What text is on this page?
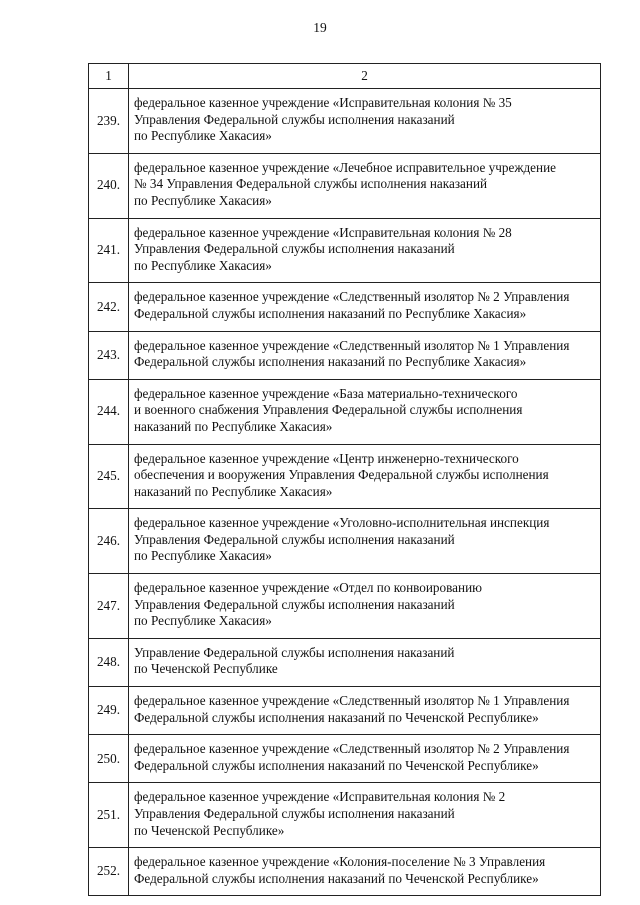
19
1	2
239.	федеральное казенное учреждение «Исправительная колония № 35
Управления Федеральной службы исполнения наказаний
по Республике Хакасия»
240.	федеральное казенное учреждение «Лечебное исправительное учреждение
№ 34 Управления Федеральной службы исполнения наказаний
по Республике Хакасия»
241.	федеральное казенное учреждение «Исправительная колония № 28
Управления Федеральной службы исполнения наказаний
по Республике Хакасия»
242.	федеральное казенное учреждение «Следственный изолятор № 2 Управления
Федеральной службы исполнения наказаний по Республике Хакасия»
243.	федеральное казенное учреждение «Следственный изолятор № 1 Управления
Федеральной службы исполнения наказаний по Республике Хакасия»
244.	федеральное казенное учреждение «База материально-технического
и военного снабжения Управления Федеральной службы исполнения
наказаний по Республике Хакасия»
245.	федеральное казенное учреждение «Центр инженерно-технического
обеспечения и вооружения Управления Федеральной службы исполнения
наказаний по Республике Хакасия»
246.	федеральное казенное учреждение «Уголовно-исполнительная инспекция
Управления Федеральной службы исполнения наказаний
по Республике Хакасия»
247.	федеральное казенное учреждение «Отдел по конвоированию
Управления Федеральной службы исполнения наказаний
по Республике Хакасия»
248.	Управление Федеральной службы исполнения наказаний
по Чеченской Республике
249.	федеральное казенное учреждение «Следственный изолятор № 1 Управления
Федеральной службы исполнения наказаний по Чеченской Республике»
250.	федеральное казенное учреждение «Следственный изолятор № 2 Управления
Федеральной службы исполнения наказаний по Чеченской Республике»
251.	федеральное казенное учреждение «Исправительная колония № 2
Управления Федеральной службы исполнения наказаний
по Чеченской Республике»
252.	федеральное казенное учреждение «Колония-поселение № 3 Управления
Федеральной службы исполнения наказаний по Чеченской Республике»
